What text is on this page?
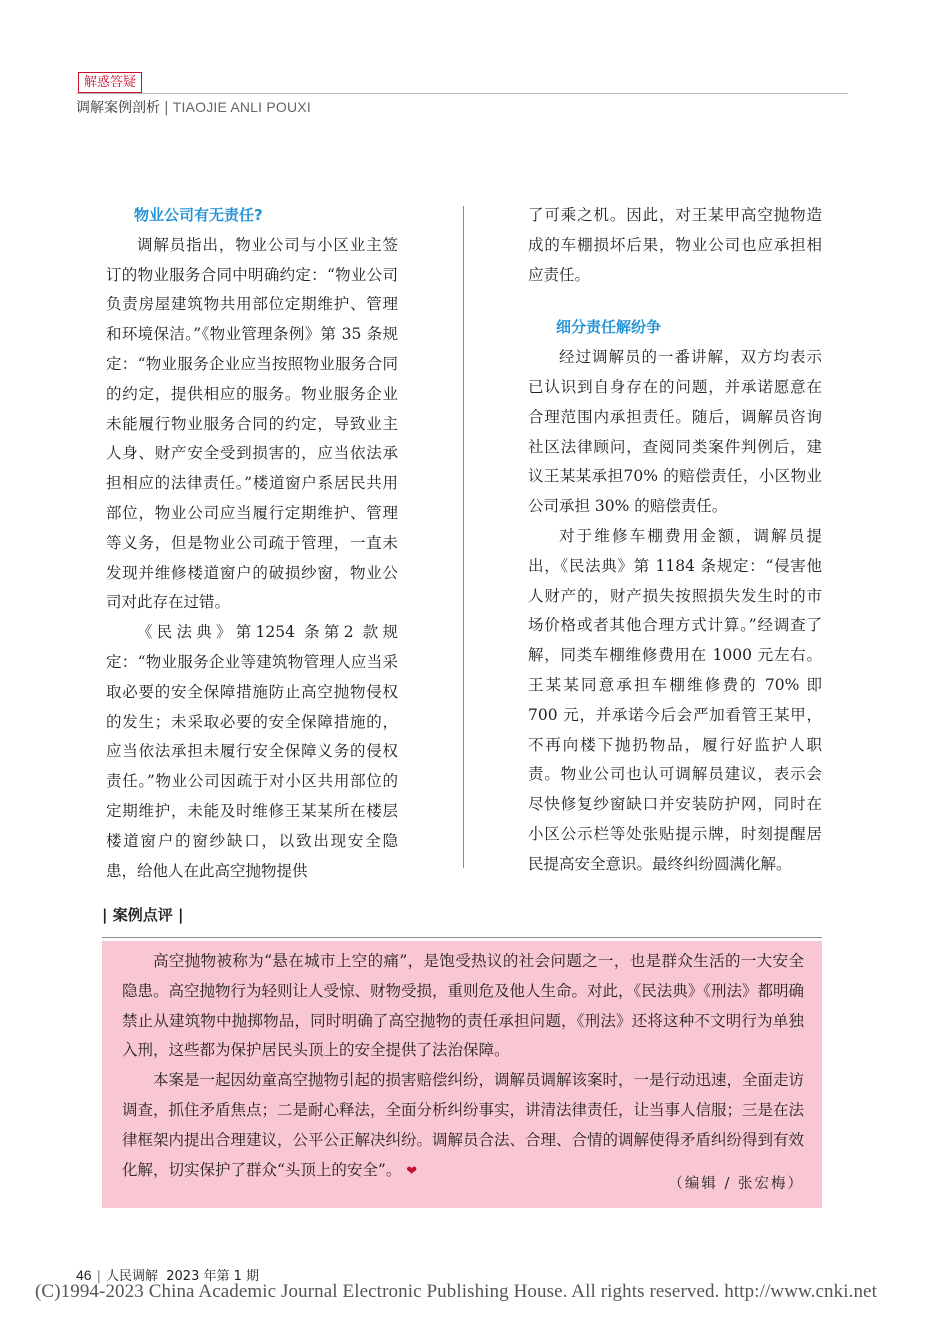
解惑答疑
调解案例剖析 | TIAOJIE ANLI POUXI

物业公司有无责任?

调解员指出，物业公司与小区业主签订的物业服务合同中明确约定：“物业公司负责房屋建筑物共用部位定期维护、管理和环境保洁。”《物业管理条例》第 35 条规定：“物业服务企业应当按照物业服务合同的约定，提供相应的服务。物业服务企业未能履行物业服务合同的约定，导致业主人身、财产安全受到损害的，应当依法承担相应的法律责任。”楼道窗户系居民共用部位，物业公司应当履行定期维护、管理等义务，但是物业公司疏于管理，一直未发现并维修楼道窗户的破损纱窗，物业公司对此存在过错。

《民法典》第1254 条第2 款规定：“物业服务企业等建筑物管理人应当采取必要的安全保障措施防止高空抛物侵权的发生；未采取必要的安全保障措施的，应当依法承担未履行安全保障义务的侵权责任。”物业公司因疏于对小区共用部位的定期维护，未能及时维修王某某所在楼层楼道窗户的窗纱缺口，以致出现安全隐患，给他人在此高空抛物提供

了可乘之机。因此，对王某甲高空抛物造成的车棚损坏后果，物业公司也应承担相应责任。

细分责任解纷争

经过调解员的一番讲解，双方均表示已认识到自身存在的问题，并承诺愿意在合理范围内承担责任。随后，调解员咨询社区法律顾问，查阅同类案件判例后，建议王某某承担70% 的赔偿责任，小区物业公司承担 30% 的赔偿责任。

对于维修车棚费用金额，调解员提出，《民法典》第 1184 条规定：“侵害他人财产的，财产损失按照损失发生时的市场价格或者其他合理方式计算。”经调查了解，同类车棚维修费用在 1000 元左右。王某某同意承担车棚维修费的 70% 即 700 元，并承诺今后会严加看管王某甲，不再向楼下抛扔物品，履行好监护人职责。物业公司也认可调解员建议，表示会尽快修复纱窗缺口并安装防护网，同时在小区公示栏等处张贴提示牌，时刻提醒居民提高安全意识。最终纠纷圆满化解。

| 案例点评 |

高空抛物被称为“悬在城市上空的痛”，是饱受热议的社会问题之一，也是群众生活的一大安全隐患。高空抛物行为轻则让人受惊、财物受损，重则危及他人生命。对此，《民法典》《刑法》都明确禁止从建筑物中抛掷物品，同时明确了高空抛物的责任承担问题，《刑法》还将这种不文明行为单独入刑，这些都为保护居民头顶上的安全提供了法治保障。

本案是一起因幼童高空抛物引起的损害赔偿纠纷，调解员调解该案时，一是行动迅速，全面走访调查，抓住矛盾焦点；二是耐心释法，全面分析纠纷事实，讲清法律责任，让当事人信服；三是在法律框架内提出合理建议，公平公正解决纠纷。调解员合法、合理、合情的调解使得矛盾纠纷得到有效化解，切实保护了群众“头顶上的安全”。 ❤

（编辑 / 张宏梅）
46 | 人民调解 2023 年第 1 期
(C)1994-2023 China Academic Journal Electronic Publishing House. All rights reserved. http://www.cnki.net
